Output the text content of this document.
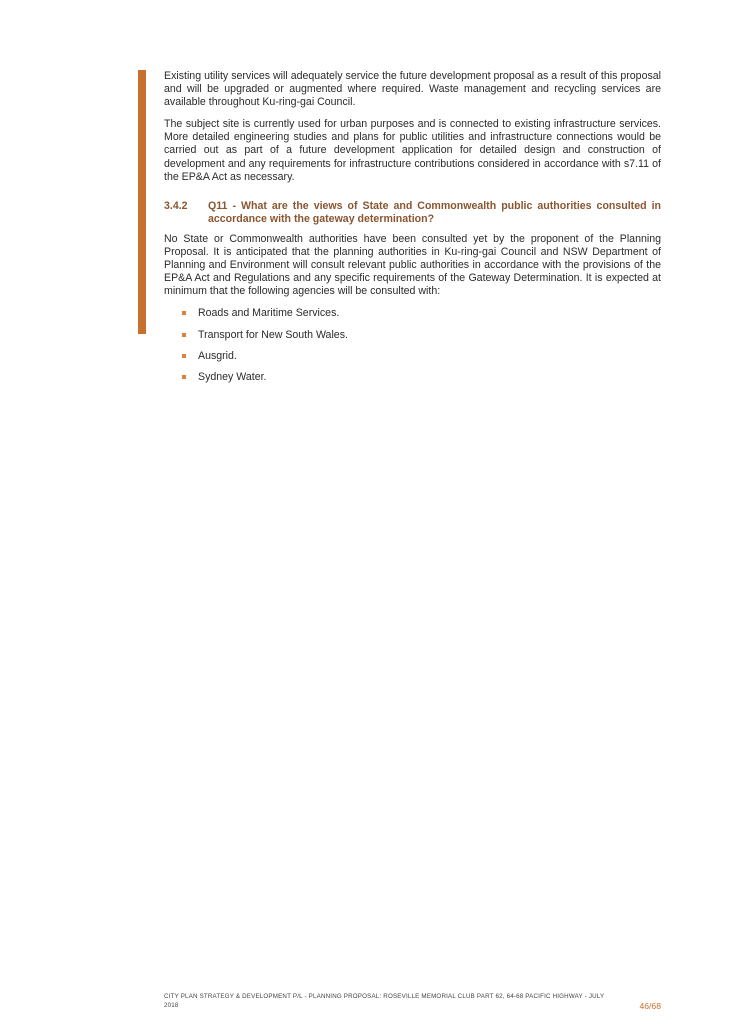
Existing utility services will adequately service the future development proposal as a result of this proposal and will be upgraded or augmented where required. Waste management and recycling services are available throughout Ku-ring-gai Council.

The subject site is currently used for urban purposes and is connected to existing infrastructure services. More detailed engineering studies and plans for public utilities and infrastructure connections would be carried out as part of a future development application for detailed design and construction of development and any requirements for infrastructure contributions considered in accordance with s7.11 of the EP&A Act as necessary.

3.4.2	Q11 - What are the views of State and Commonwealth public authorities consulted in accordance with the gateway determination?

No State or Commonwealth authorities have been consulted yet by the proponent of the Planning Proposal. It is anticipated that the planning authorities in Ku-ring-gai Council and NSW Department of Planning and Environment will consult relevant public authorities in accordance with the provisions of the EP&A Act and Regulations and any specific requirements of the Gateway Determination. It is expected at minimum that the following agencies will be consulted with:

Roads and Maritime Services.
Transport for New South Wales.
Ausgrid.
Sydney Water.
CITY PLAN STRATEGY & DEVELOPMENT P/L - PLANNING PROPOSAL: ROSEVILLE MEMORIAL CLUB PART 62, 64-68 PACIFIC HIGHWAY - JULY
2018	46/68
